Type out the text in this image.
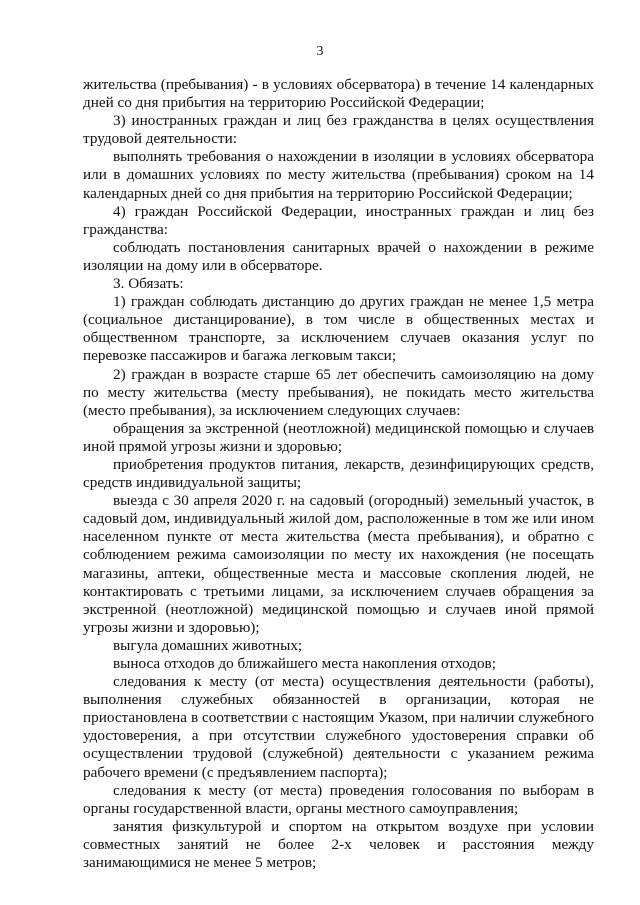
3

жительства (пребывания) - в условиях обсерватора) в течение 14 календарных дней со дня прибытия на территорию Российской Федерации;

3) иностранных граждан и лиц без гражданства в целях осуществления трудовой деятельности:

выполнять требования о нахождении в изоляции в условиях обсерватора или в домашних условиях по месту жительства (пребывания) сроком на 14 календарных дней со дня прибытия на территорию Российской Федерации;

4) граждан Российской Федерации, иностранных граждан и лиц без гражданства:

соблюдать постановления санитарных врачей о нахождении в режиме изоляции на дому или в обсерваторе.

3. Обязать:

1) граждан соблюдать дистанцию до других граждан не менее 1,5 метра (социальное дистанцирование), в том числе в общественных местах и общественном транспорте, за исключением случаев оказания услуг по перевозке пассажиров и багажа легковым такси;

2) граждан в возрасте старше 65 лет обеспечить самоизоляцию на дому по месту жительства (месту пребывания), не покидать место жительства (место пребывания), за исключением следующих случаев:

обращения за экстренной (неотложной) медицинской помощью и случаев иной прямой угрозы жизни и здоровью;

приобретения продуктов питания, лекарств, дезинфицирующих средств, средств индивидуальной защиты;

выезда с 30 апреля 2020 г. на садовый (огородный) земельный участок, в садовый дом, индивидуальный жилой дом, расположенные в том же или ином населенном пункте от места жительства (места пребывания), и обратно с соблюдением режима самоизоляции по месту их нахождения (не посещать магазины, аптеки, общественные места и массовые скопления людей, не контактировать с третьими лицами, за исключением случаев обращения за экстренной (неотложной) медицинской помощью и случаев иной прямой угрозы жизни и здоровью);

выгула домашних животных;

выноса отходов до ближайшего места накопления отходов;

следования к месту (от места) осуществления деятельности (работы), выполнения служебных обязанностей в организации, которая не приостановлена в соответствии с настоящим Указом, при наличии служебного удостоверения, а при отсутствии служебного удостоверения справки об осуществлении трудовой (служебной) деятельности с указанием режима рабочего времени (с предъявлением паспорта);

следования к месту (от места) проведения голосования по выборам в органы государственной власти, органы местного самоуправления;

занятия физкультурой и спортом на открытом воздухе при условии совместных занятий не более 2-х человек и расстояния между занимающимися не менее 5 метров;
